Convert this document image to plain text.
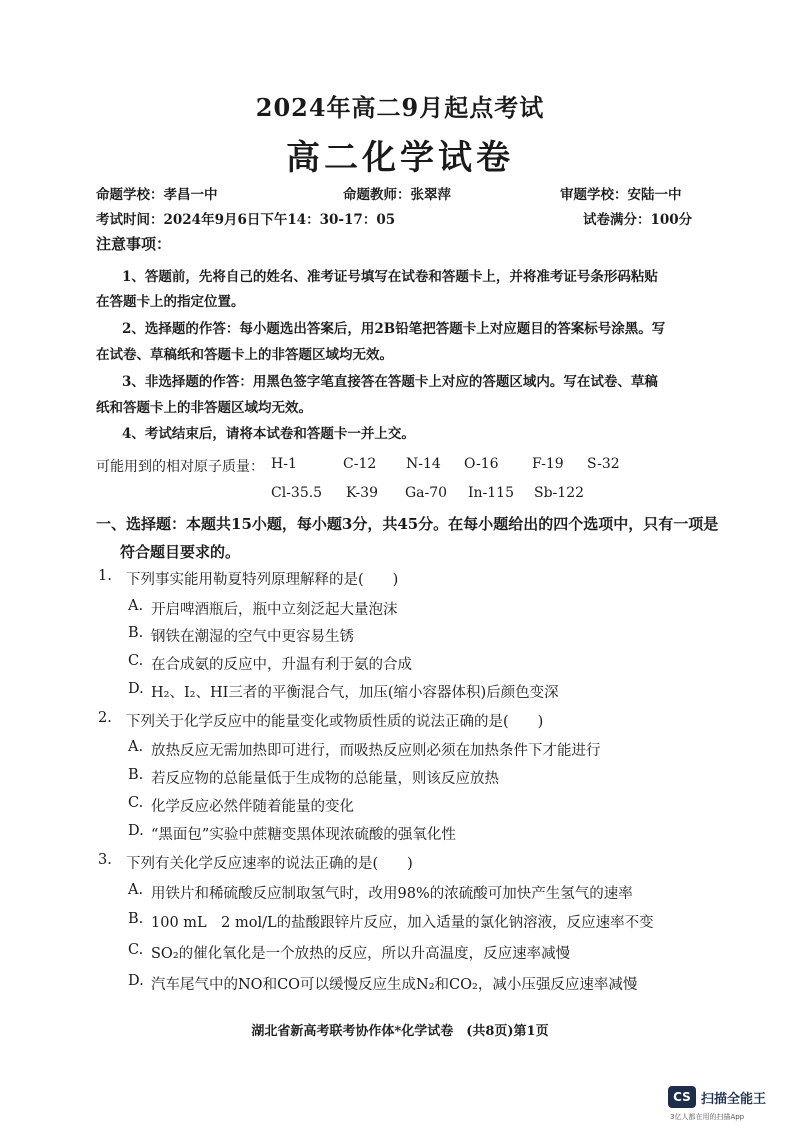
2024年高二9月起点考试
高二化学试卷
命题学校：孝昌一中	命题教师：张翠萍	审题学校：安陆一中
考试时间：2024年9月6日下午14：30-17：05	试卷满分：100分
注意事项：
1、答题前，先将自己的姓名、准考证号填写在试卷和答题卡上，并将准考证号条形码粘贴
在答题卡上的指定位置。
2、选择题的作答：每小题选出答案后，用2B铅笔把答题卡上对应题目的答案标号涂黑。写
在试卷、草稿纸和答题卡上的非答题区域均无效。
3、非选择题的作答：用黑色签字笔直接答在答题卡上对应的答题区域内。写在试卷、草稿
纸和答题卡上的非答题区域均无效。
4、考试结束后，请将本试卷和答题卡一并上交。
可能用到的相对原子质量： H-1	C-12 N-14 O-16 F-19 S-32
Cl-35.5 K-39 Ga-70 In-115 Sb-122
一、选择题：本题共15小题，每小题3分，共45分。在每小题给出的四个选项中，只有一项是
符合题目要求的。
1. 下列事实能用勒夏特列原理解释的是(　　)
A. 开启啤酒瓶后，瓶中立刻泛起大量泡沫
B. 钢铁在潮湿的空气中更容易生锈
C. 在合成氨的反应中，升温有利于氨的合成
D. H₂、I₂、HI三者的平衡混合气，加压(缩小容器体积)后颜色变深
2. 下列关于化学反应中的能量变化或物质性质的说法正确的是(　　)
A. 放热反应无需加热即可进行，而吸热反应则必须在加热条件下才能进行
B. 若反应物的总能量低于生成物的总能量，则该反应放热
C. 化学反应必然伴随着能量的变化
D. “黑面包”实验中蔗糖变黑体现浓硫酸的强氧化性
3. 下列有关化学反应速率的说法正确的是(　　)
A. 用铁片和稀硫酸反应制取氢气时，改用98%的浓硫酸可加快产生氢气的速率
B. 100 mL　2 mol/L的盐酸跟锌片反应，加入适量的氯化钠溶液，反应速率不变
C. SO₂的催化氧化是一个放热的反应，所以升高温度，反应速率减慢
D. 汽车尾气中的NO和CO可以缓慢反应生成N₂和CO₂，减小压强反应速率减慢
湖北省新高考联考协作体*化学试卷　(共8页)第1页
CS 扫描全能王
3亿人都在用的扫描App
